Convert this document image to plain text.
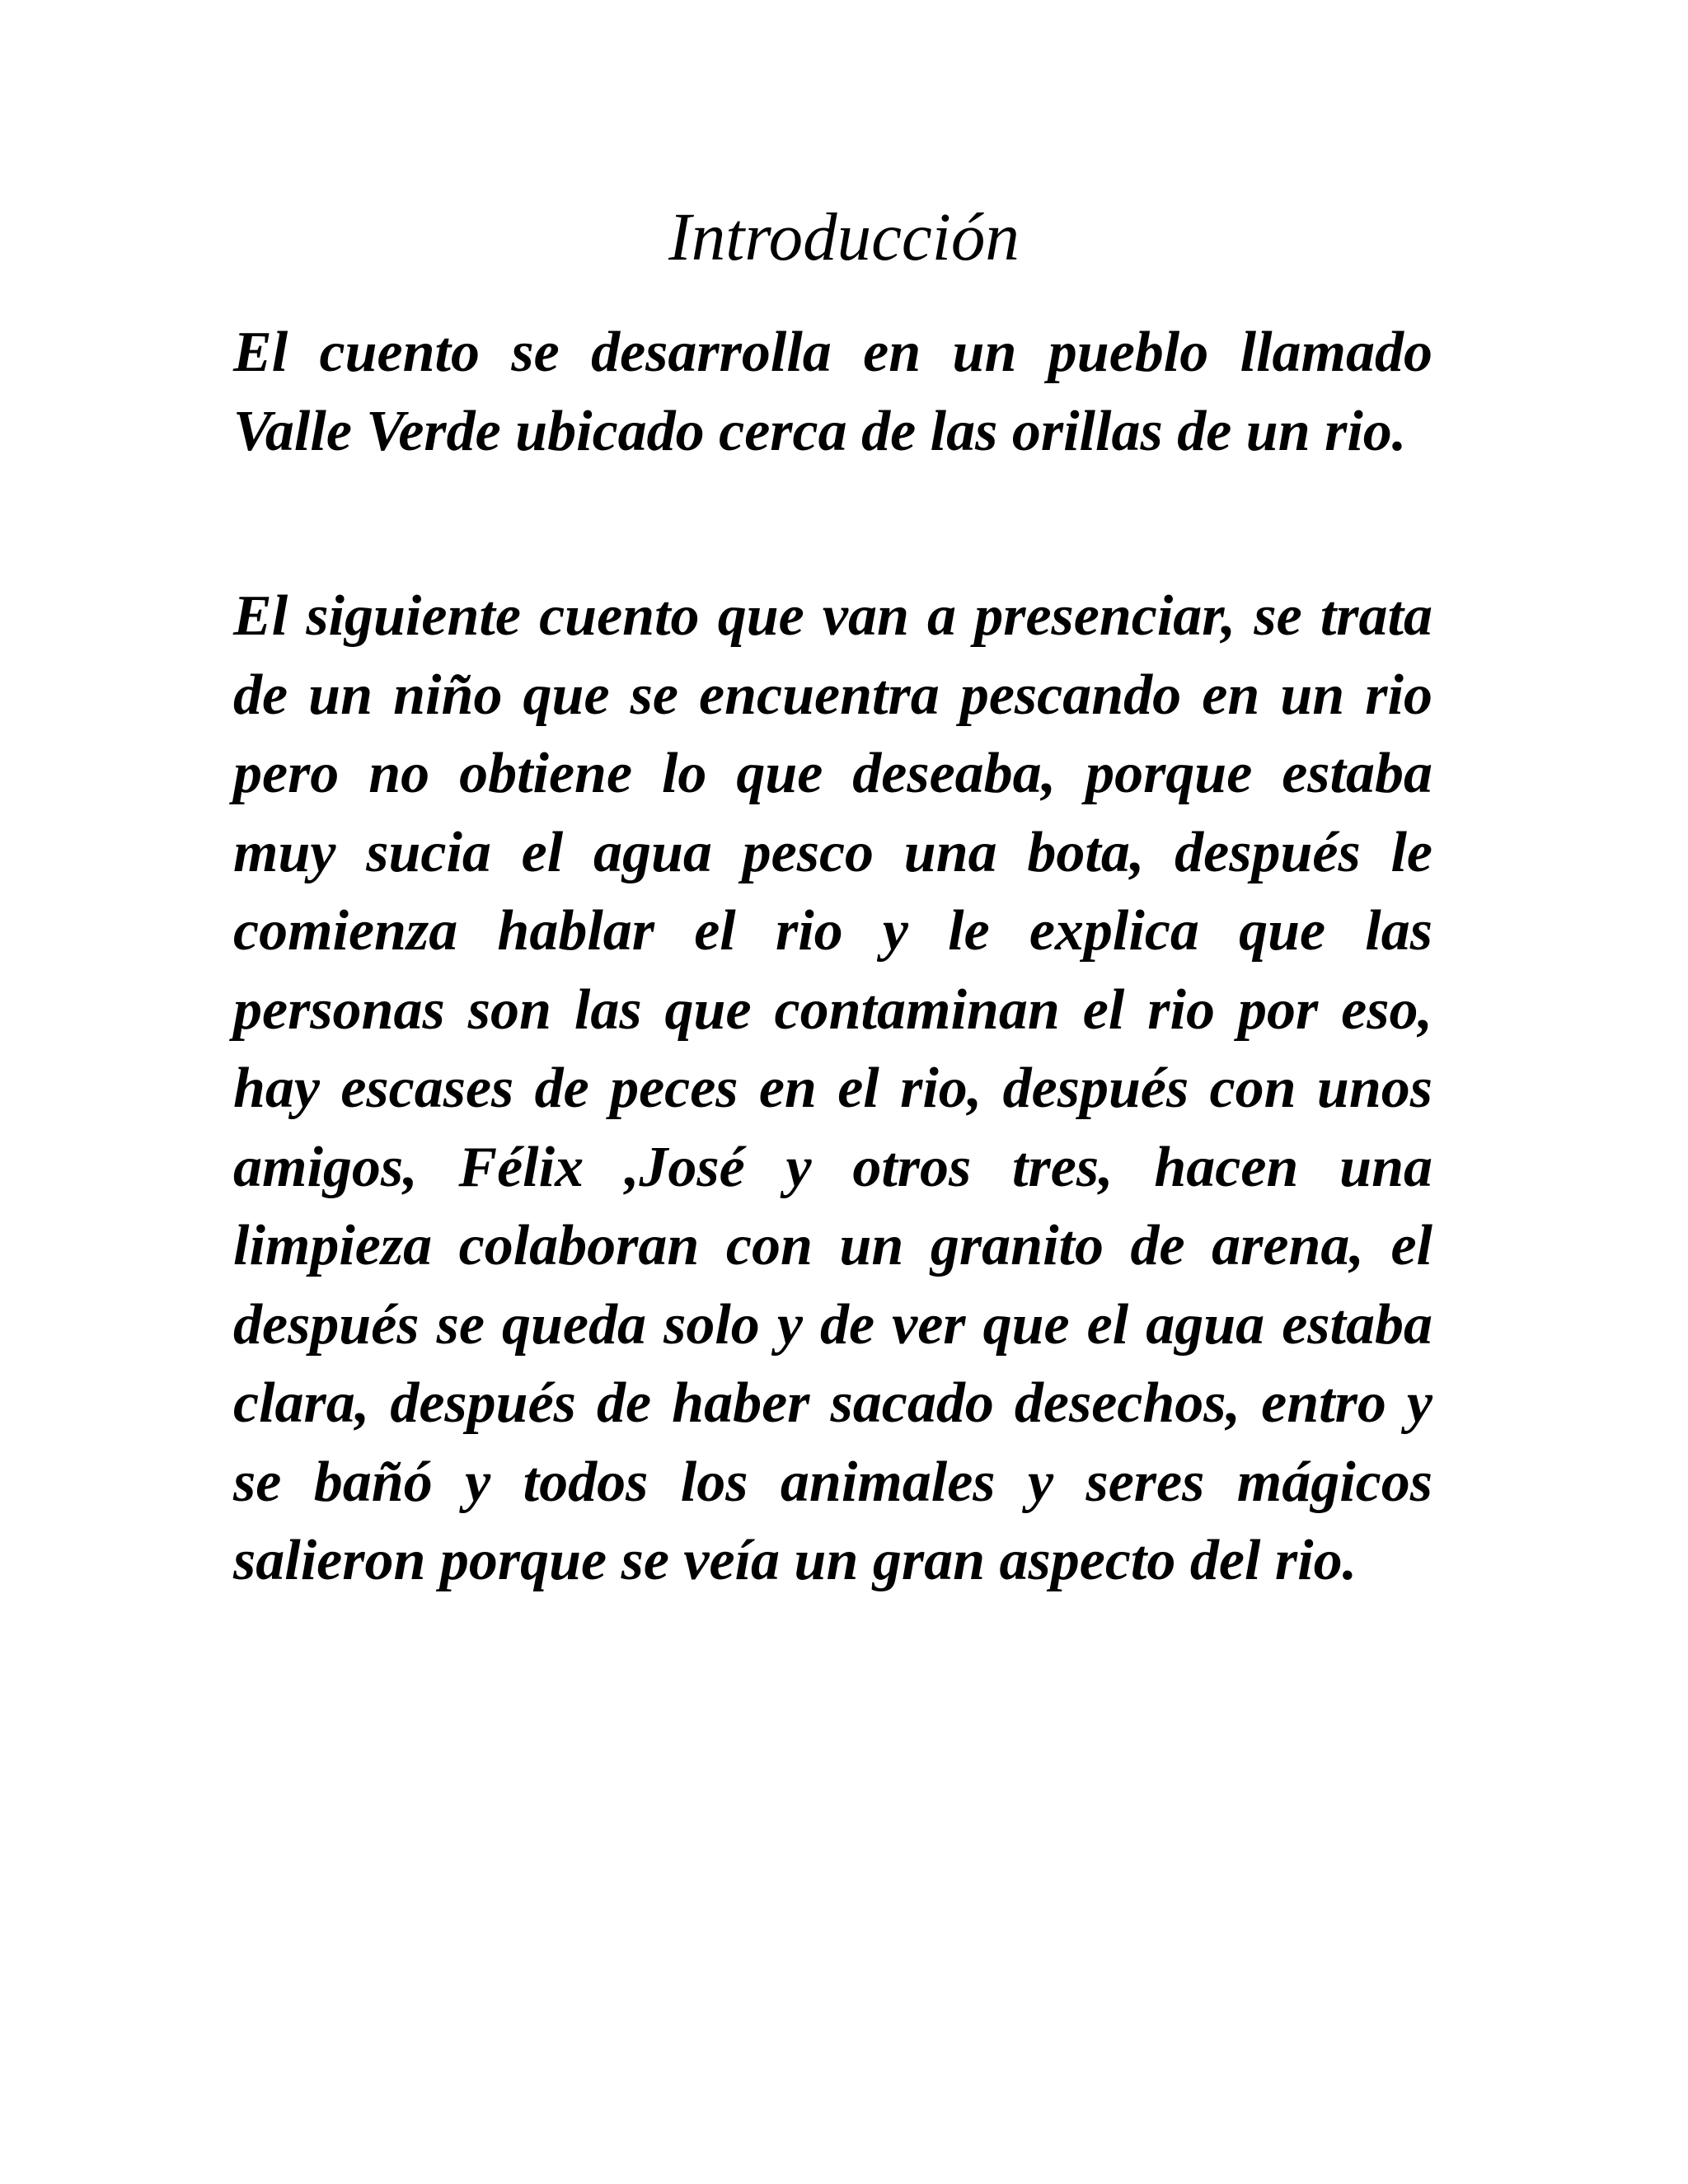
Introducción

El cuento se desarrolla en un pueblo llamado Valle Verde ubicado cerca de las orillas de un rio.

El siguiente cuento que van a presenciar, se trata de un niño que se encuentra pescando en un rio pero no obtiene lo que deseaba, porque estaba muy sucia el agua pesco una bota, después le comienza hablar el rio y le explica que las personas son las que contaminan el rio por eso, hay escases de peces en el rio, después con unos amigos, Félix ,José y otros tres, hacen una limpieza colaboran con un granito de arena, el después se queda solo y de ver que el agua estaba clara, después de haber sacado desechos, entro y se bañó y todos los animales y seres mágicos salieron porque se veía un gran aspecto del rio.
